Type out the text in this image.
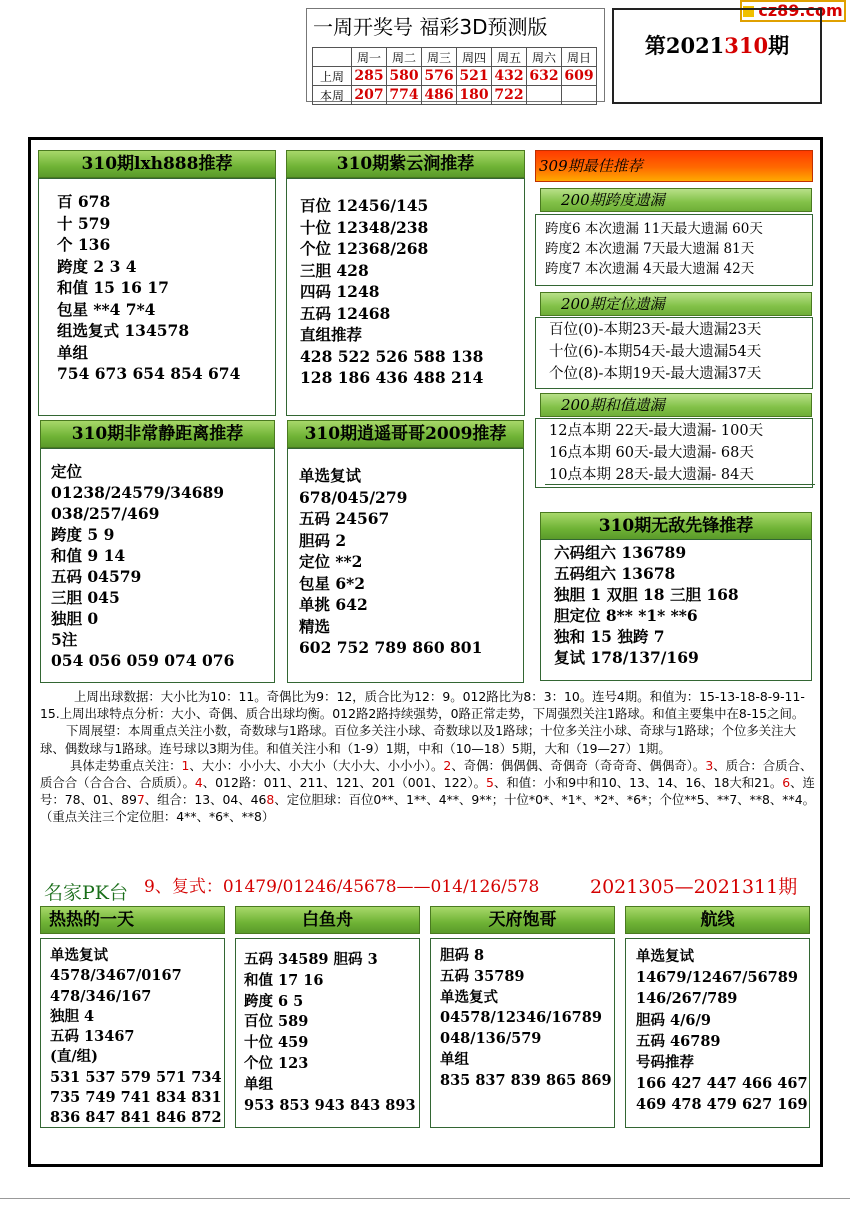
cz89.com
一周开奖号 福彩3D预测版
	周一	周二	周三	周四	周五	周六	周日
上周	285	580	576	521	432	632	609
本周	207	774	486	180	722		
第2021310期
310期lxh888推荐
百 678
十 579
个 136
跨度 2 3 4
和值 15 16 17
包星 **4 7*4
组选复式 134578
单组
754 673 654 854 674
310期紫云涧推荐
百位 12456/145
十位 12348/238
个位 12368/268
三胆 428
四码 1248
五码 12468
直组推荐
428 522 526 588 138
128 186 436 488 214
310期非常静距离推荐
定位
01238/24579/34689
038/257/469
跨度 5 9
和值 9 14
五码 04579
三胆 045
独胆 0
5注
054 056 059 074 076
310期逍遥哥哥2009推荐
单选复试
678/045/279
五码 24567
胆码 2
定位 **2
包星 6*2
单挑 642
精选
602 752 789 860 801
309期最佳推荐
200期跨度遗漏
跨度6 本次遗漏 11天最大遗漏 60天
跨度2 本次遗漏 7天最大遗漏 81天
跨度7 本次遗漏 4天最大遗漏 42天
200期定位遗漏
百位(0)-本期23天-最大遗漏23天
十位(6)-本期54天-最大遗漏54天
个位(8)-本期19天-最大遗漏37天
200期和值遗漏
12点本期 22天-最大遗漏- 100天
16点本期 60天-最大遗漏- 68天
10点本期 28天-最大遗漏- 84天
310期无敌先锋推荐
六码组六 136789
五码组六 13678
独胆 1 双胆 18 三胆 168
胆定位 8** *1* **6
独和 15 独跨 7
复试 178/137/169

上周出球数据：大小比为10：11。奇偶比为9：12，质合比为12：9。012路比为8：3：10。连号4期。和值为：15-13-18-8-9-11-15.上周出球特点分析：大小、奇偶、质合出球均衡。012路2路持续强势，0路正常走势，下周强烈关注1路球。和值主要集中在8-15之间。

下周展望：本周重点关注小数，奇数球与1路球。百位多关注小球、奇数球以及1路球；十位多关注小球、奇球与1路球；个位多关注大球、偶数球与1路球。连号球以3期为佳。和值关注小和（1-9）1期，中和（10—18）5期，大和（19—27）1期。

具体走势重点关注：1、大小：小小大、小大小（大小大、小小小）。2、奇偶：偶偶偶、奇偶奇（奇奇奇、偶偶奇）。3、质合：合质合、质合合（合合合、合质质）。4、012路：011、211、121、201（001、122）。5、和值：小和9中和10、13、14、16、18大和21。6、连号：78、01、897、组合：13、04、468、定位胆球：百位0**、1**、4**、9**；十位*0*、*1*、*2*、*6*；个位**5、**7、**8、**4。（重点关注三个定位胆：4**、*6*、**8）

名家PK台 9、复式：01479/01246/45678——014/126/578	2021305—2021311期
热热的一天
单选复试
4578/3467/0167
478/346/167
独胆 4
五码 13467
(直/组)
531 537 579 571 734
735 749 741 834 831
836 847 841 846 872
白鱼舟
五码 34589 胆码 3
和值 17 16
跨度 6 5
百位 589
十位 459
个位 123
单组
953 853 943 843 893
天府饱哥
胆码 8
五码 35789
单选复式
04578/12346/16789
048/136/579
单组
835 837 839 865 869
航线
单选复试
14679/12467/56789
146/267/789
胆码 4/6/9
五码 46789
号码推荐
166 427 447 466 467
469 478 479 627 169
